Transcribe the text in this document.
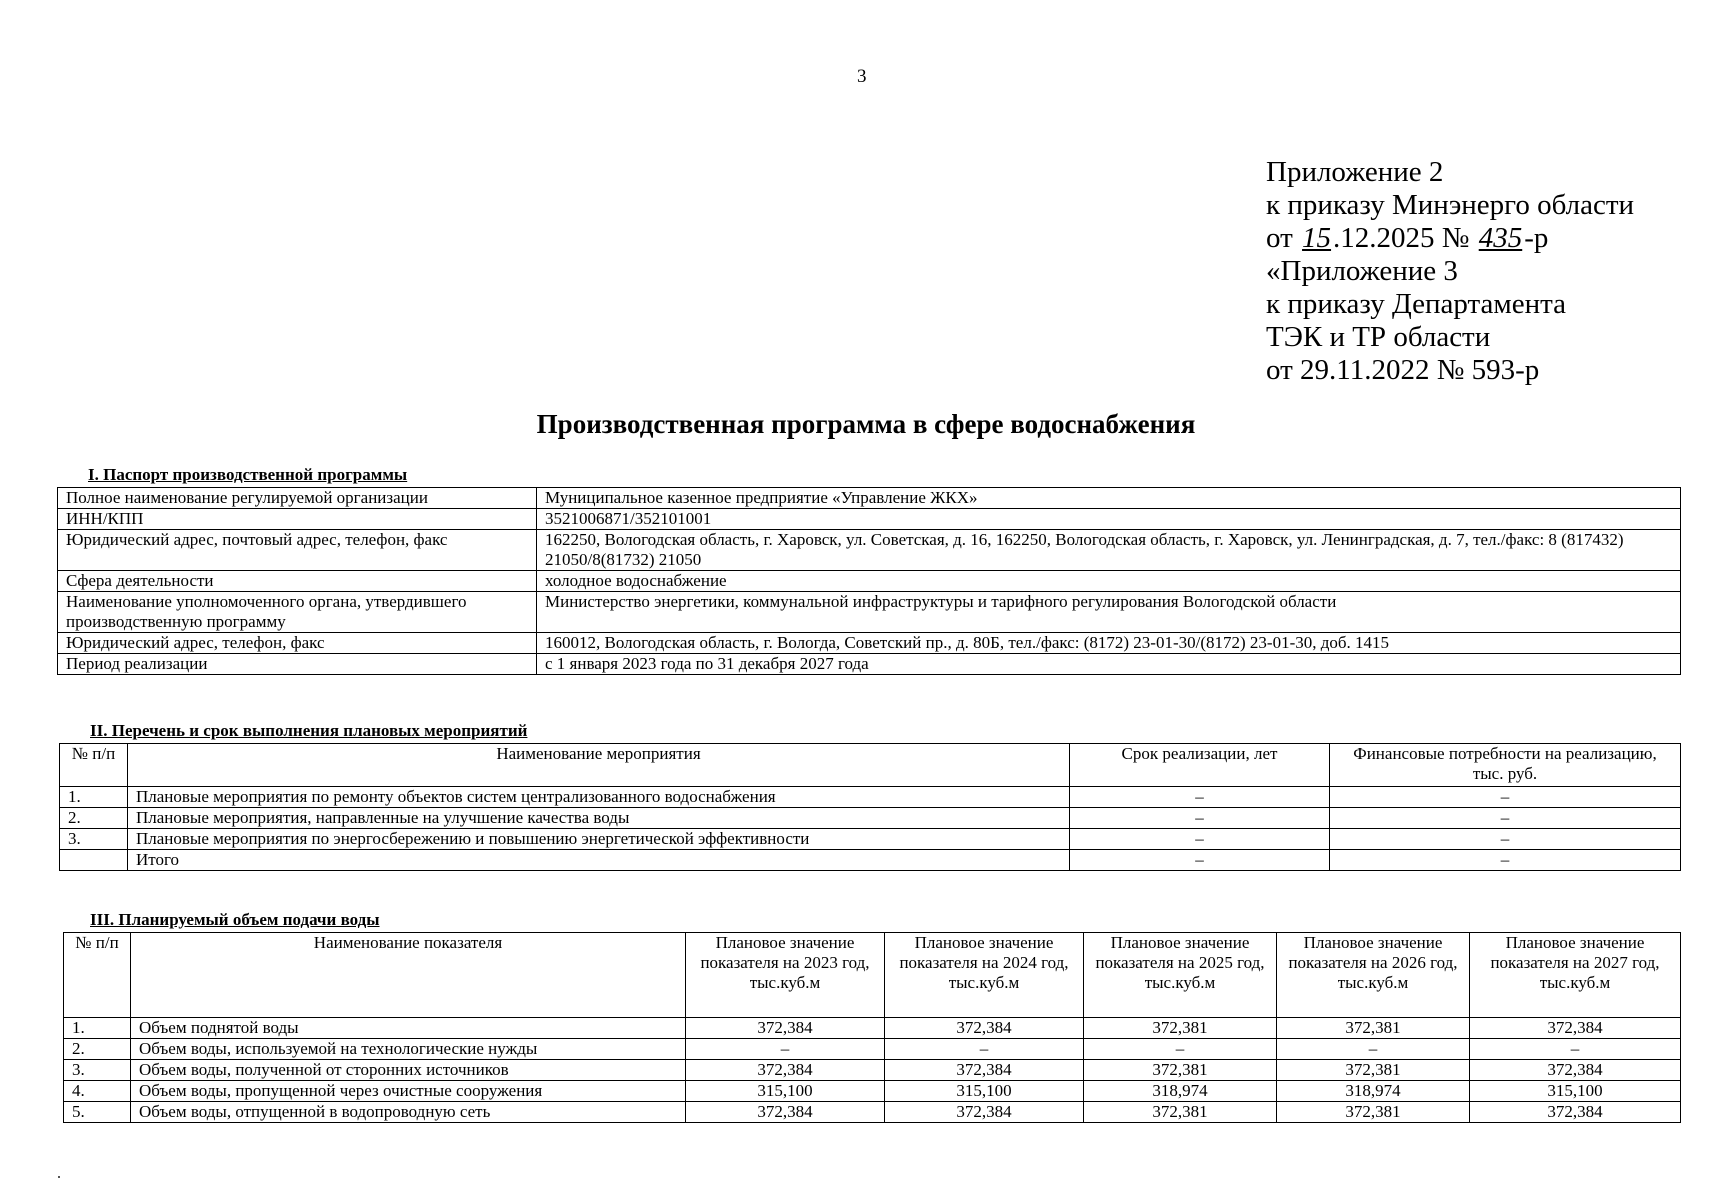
3
Приложение 2
к приказу Минэнерго области
от 15.12.2025 № 435-р
«Приложение 3
к приказу Департамента
ТЭК и ТР области
от 29.11.2022 № 593-р
Производственная программа в сфере водоснабжения
I. Паспорт производственной программы
Полное наименование регулируемой организации	Муниципальное казенное предприятие «Управление ЖКХ»
ИНН/КПП	3521006871/352101001
Юридический адрес, почтовый адрес, телефон, факс	162250, Вологодская область, г. Харовск, ул. Советская, д. 16, 162250, Вологодская область, г. Харовск, ул. Ленинградская, д. 7, тел./факс: 8 (817432) 21050/8(81732) 21050
Сфера деятельности	холодное водоснабжение
Наименование уполномоченного органа, утвердившего производственную программу	Министерство энергетики, коммунальной инфраструктуры и тарифного регулирования Вологодской области
Юридический адрес, телефон, факс	160012, Вологодская область, г. Вологда, Советский пр., д. 80Б, тел./факс: (8172) 23-01-30/(8172) 23-01-30, доб. 1415
Период реализации	с 1 января 2023 года по 31 декабря 2027 года
II. Перечень и срок выполнения плановых мероприятий
№ п/п	Наименование мероприятия	Срок реализации, лет	Финансовые потребности на реализацию, тыс. руб.
1.	Плановые мероприятия по ремонту объектов систем централизованного водоснабжения	–	–
2.	Плановые мероприятия, направленные на улучшение качества воды	–	–
3.	Плановые мероприятия по энергосбережению и повышению энергетической эффективности	–	–
	Итого	–	–
III. Планируемый объем подачи воды
№ п/п	Наименование показателя	Плановое значение показателя на 2023 год, тыс.куб.м	Плановое значение показателя на 2024 год, тыс.куб.м	Плановое значение показателя на 2025 год, тыс.куб.м	Плановое значение показателя на 2026 год, тыс.куб.м	Плановое значение показателя на 2027 год, тыс.куб.м
1.	Объем поднятой воды	372,384	372,384	372,381	372,381	372,384
2.	Объем воды, используемой на технологические нужды	–	–	–	–	–
3.	Объем воды, полученной от сторонних источников	372,384	372,384	372,381	372,381	372,384
4.	Объем воды, пропущенной через очистные сооружения	315,100	315,100	318,974	318,974	315,100
5.	Объем воды, отпущенной в водопроводную сеть	372,384	372,384	372,381	372,381	372,384
